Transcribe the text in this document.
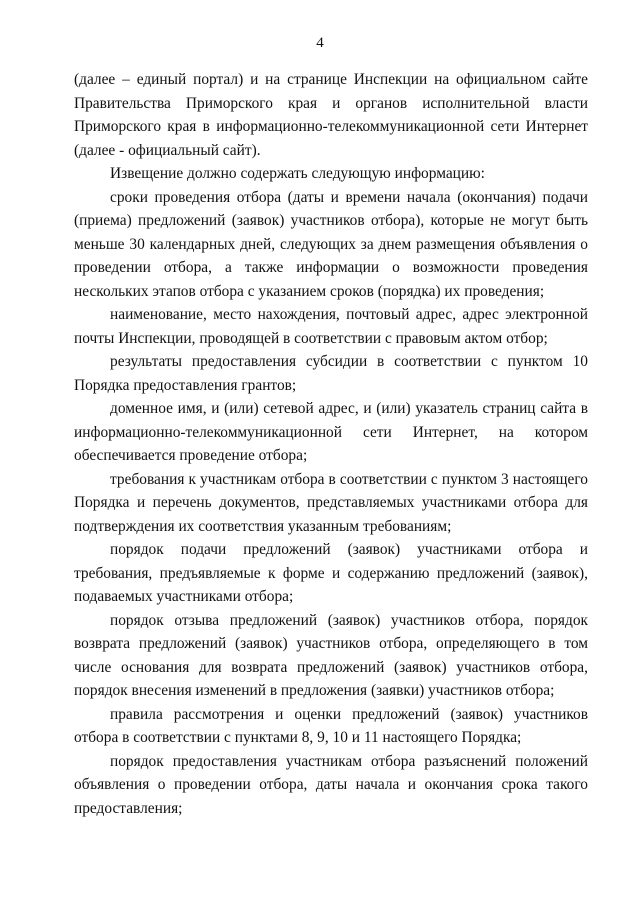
4

(далее – единый портал) и на странице Инспекции на официальном сайте Правительства Приморского края и органов исполнительной власти Приморского края в информационно-телекоммуникационной сети Интернет (далее - официальный сайт).

Извещение должно содержать следующую информацию:

сроки проведения отбора (даты и времени начала (окончания) подачи (приема) предложений (заявок) участников отбора), которые не могут быть меньше 30 календарных дней, следующих за днем размещения объявления о проведении отбора, а также информации о возможности проведения нескольких этапов отбора с указанием сроков (порядка) их проведения;

наименование, место нахождения, почтовый адрес, адрес электронной почты Инспекции, проводящей в соответствии с правовым актом отбор;

результаты предоставления субсидии в соответствии с пунктом 10 Порядка предоставления грантов;

доменное имя, и (или) сетевой адрес, и (или) указатель страниц сайта в информационно-телекоммуникационной сети Интернет, на котором обеспечивается проведение отбора;

требования к участникам отбора в соответствии с пунктом 3 настоящего Порядка и перечень документов, представляемых участниками отбора для подтверждения их соответствия указанным требованиям;

порядок подачи предложений (заявок) участниками отбора и требования, предъявляемые к форме и содержанию предложений (заявок), подаваемых участниками отбора;

порядок отзыва предложений (заявок) участников отбора, порядок возврата предложений (заявок) участников отбора, определяющего в том числе основания для возврата предложений (заявок) участников отбора, порядок внесения изменений в предложения (заявки) участников отбора;

правила рассмотрения и оценки предложений (заявок) участников отбора в соответствии с пунктами 8, 9, 10 и 11 настоящего Порядка;

порядок предоставления участникам отбора разъяснений положений объявления о проведении отбора, даты начала и окончания срока такого предоставления;
